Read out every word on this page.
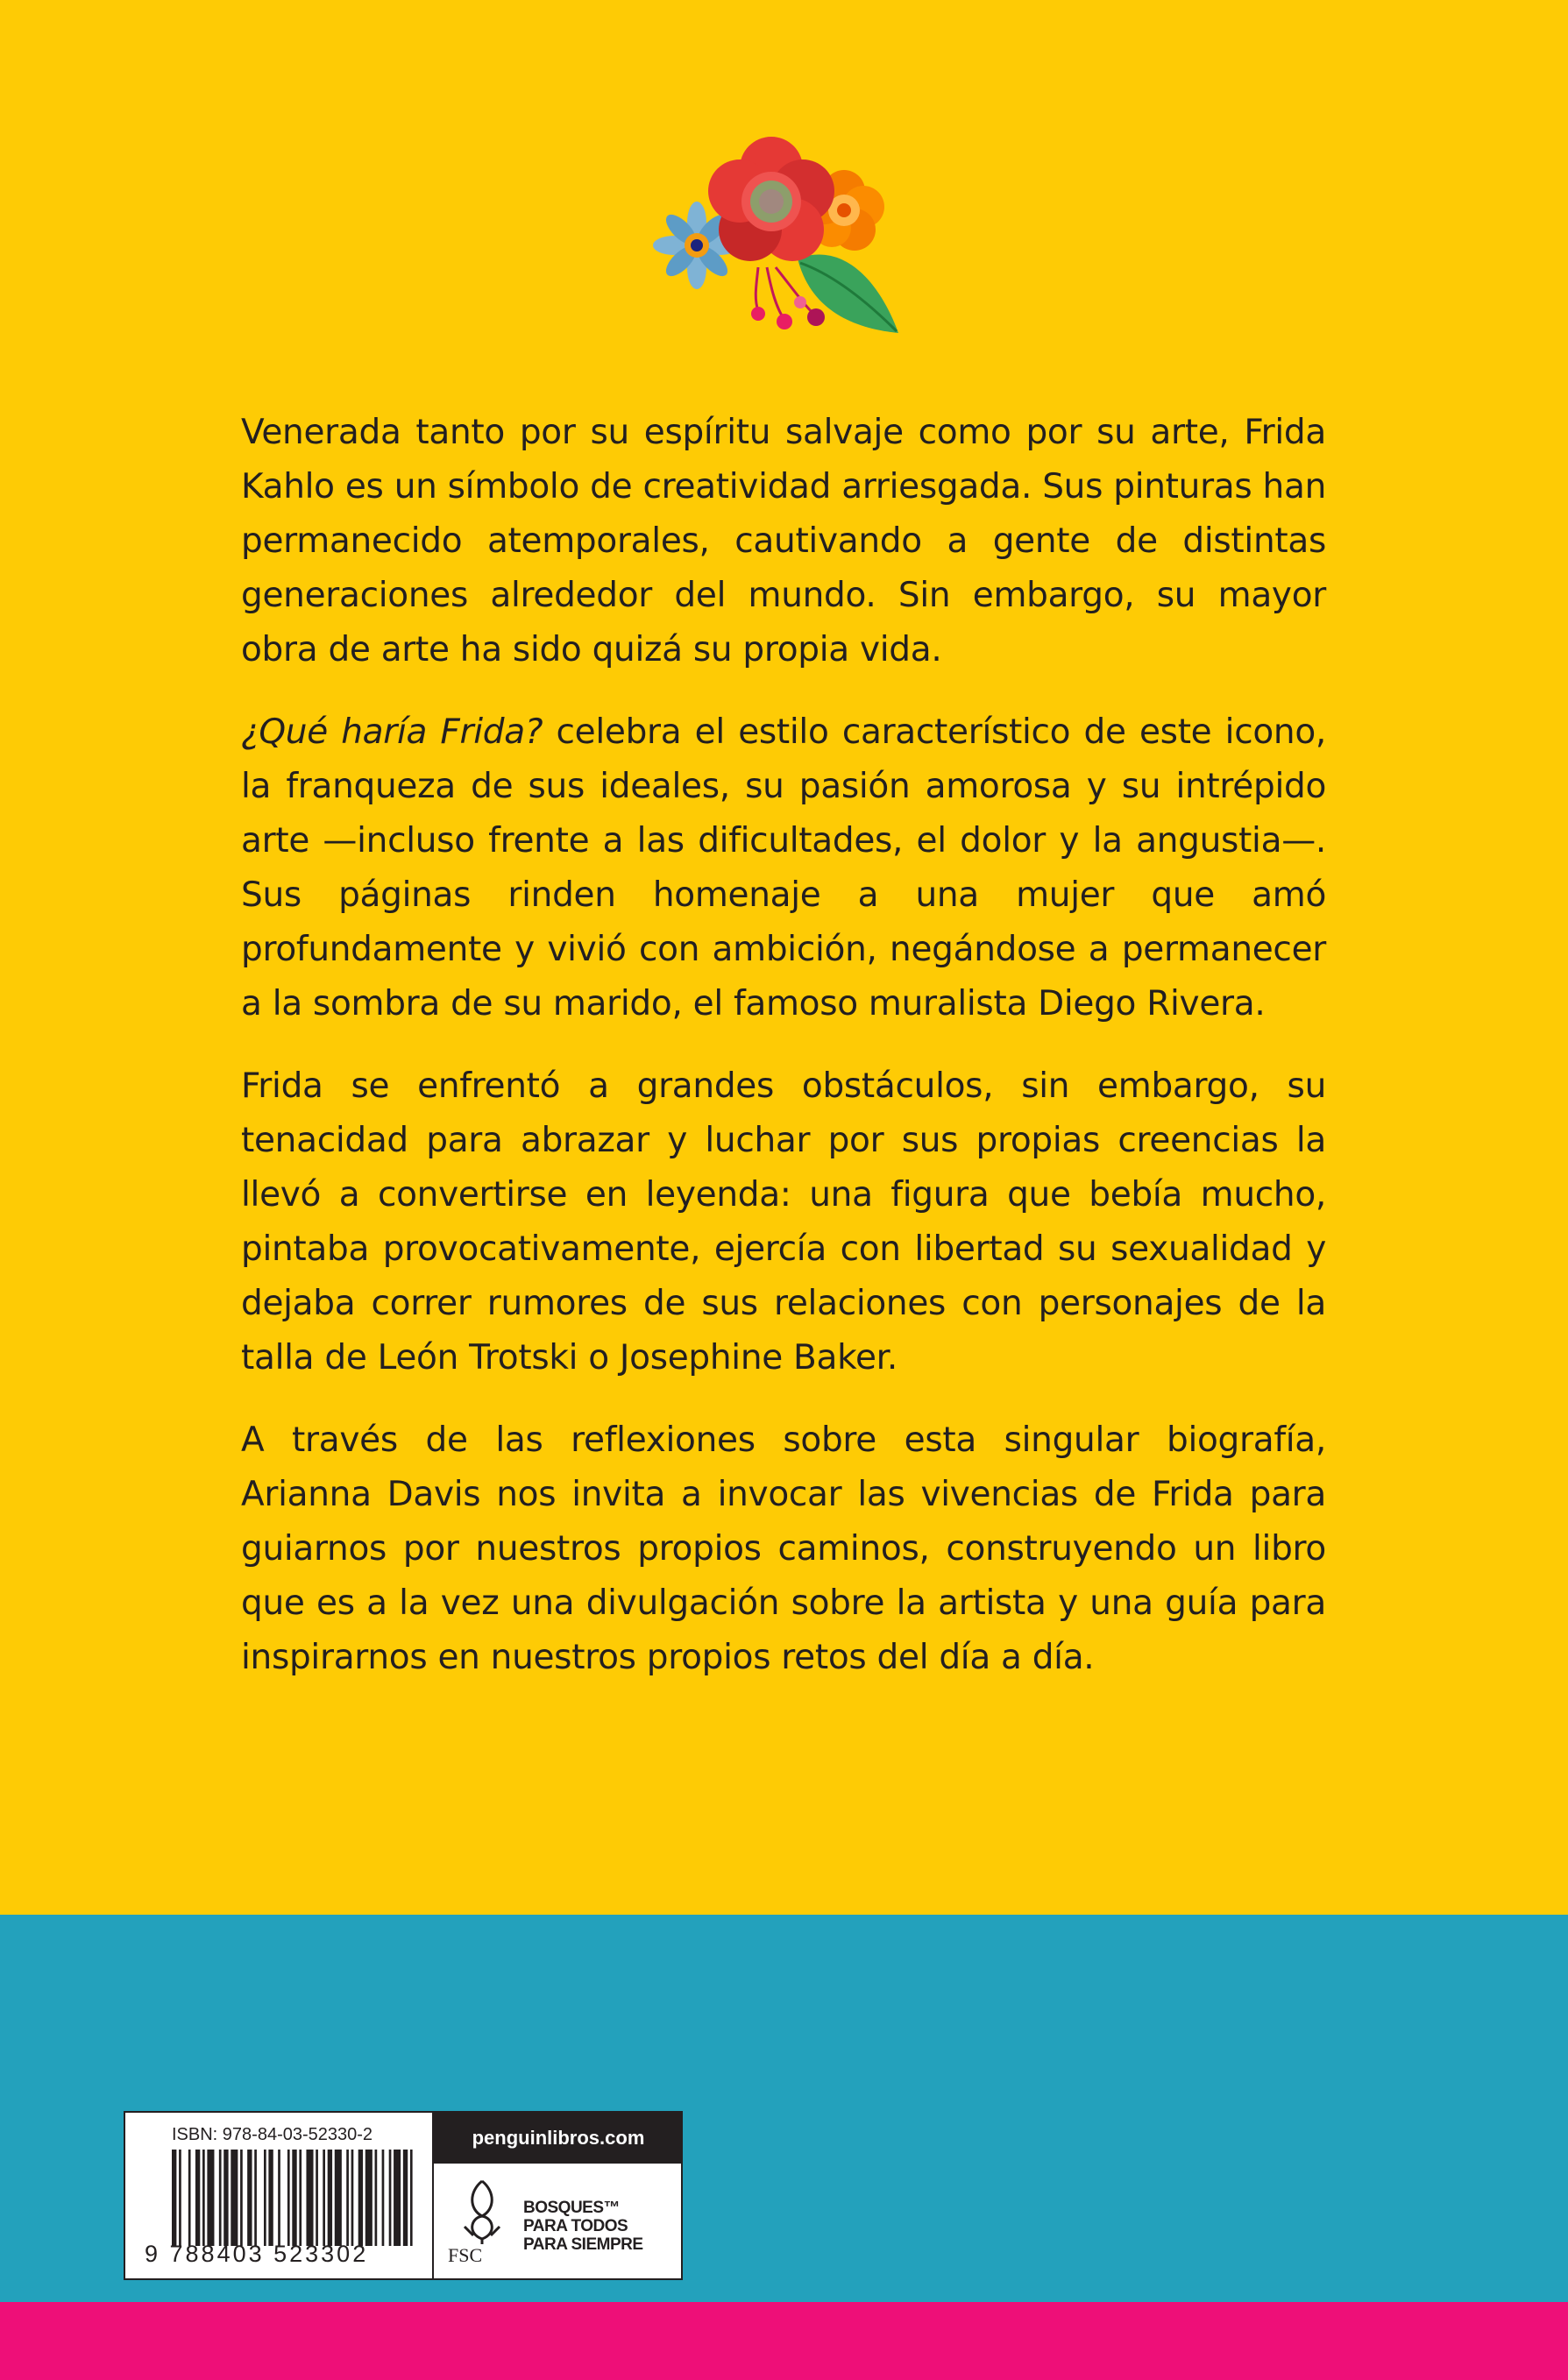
Venerada tanto por su espíritu salvaje como por su arte, Frida Kahlo es un símbolo de creatividad arriesgada. Sus pinturas han permanecido atemporales, cautivando a gente de distintas generaciones alrededor del mundo. Sin embargo, su mayor obra de arte ha sido quizá su propia vida.

¿Qué haría Frida? celebra el estilo característico de este icono, la franqueza de sus ideales, su pasión amorosa y su intrépido arte —incluso frente a las dificultades, el dolor y la angustia—. Sus páginas rinden homenaje a una mujer que amó profundamente y vivió con ambición, negándose a permanecer a la sombra de su marido, el famoso muralista Diego Rivera.

Frida se enfrentó a grandes obstáculos, sin embargo, su tenacidad para abrazar y luchar por sus propias creencias la llevó a convertirse en leyenda: una figura que bebía mucho, pintaba provocativamente, ejercía con libertad su sexualidad y dejaba correr rumores de sus relaciones con personajes de la talla de León Trotski o Josephine Baker.

A través de las reflexiones sobre esta singular biografía, Arianna Davis nos invita a invocar las vivencias de Frida para guiarnos por nuestros propios caminos, construyendo un libro que es a la vez una divulgación sobre la artista y una guía para inspirarnos en nuestros propios retos del día a día.

ISBN: 978-84-03-52330-2
9 788403 523302
penguinlibros.com
FSC
BOSQUES™
PARA TODOS
PARA SIEMPRE
